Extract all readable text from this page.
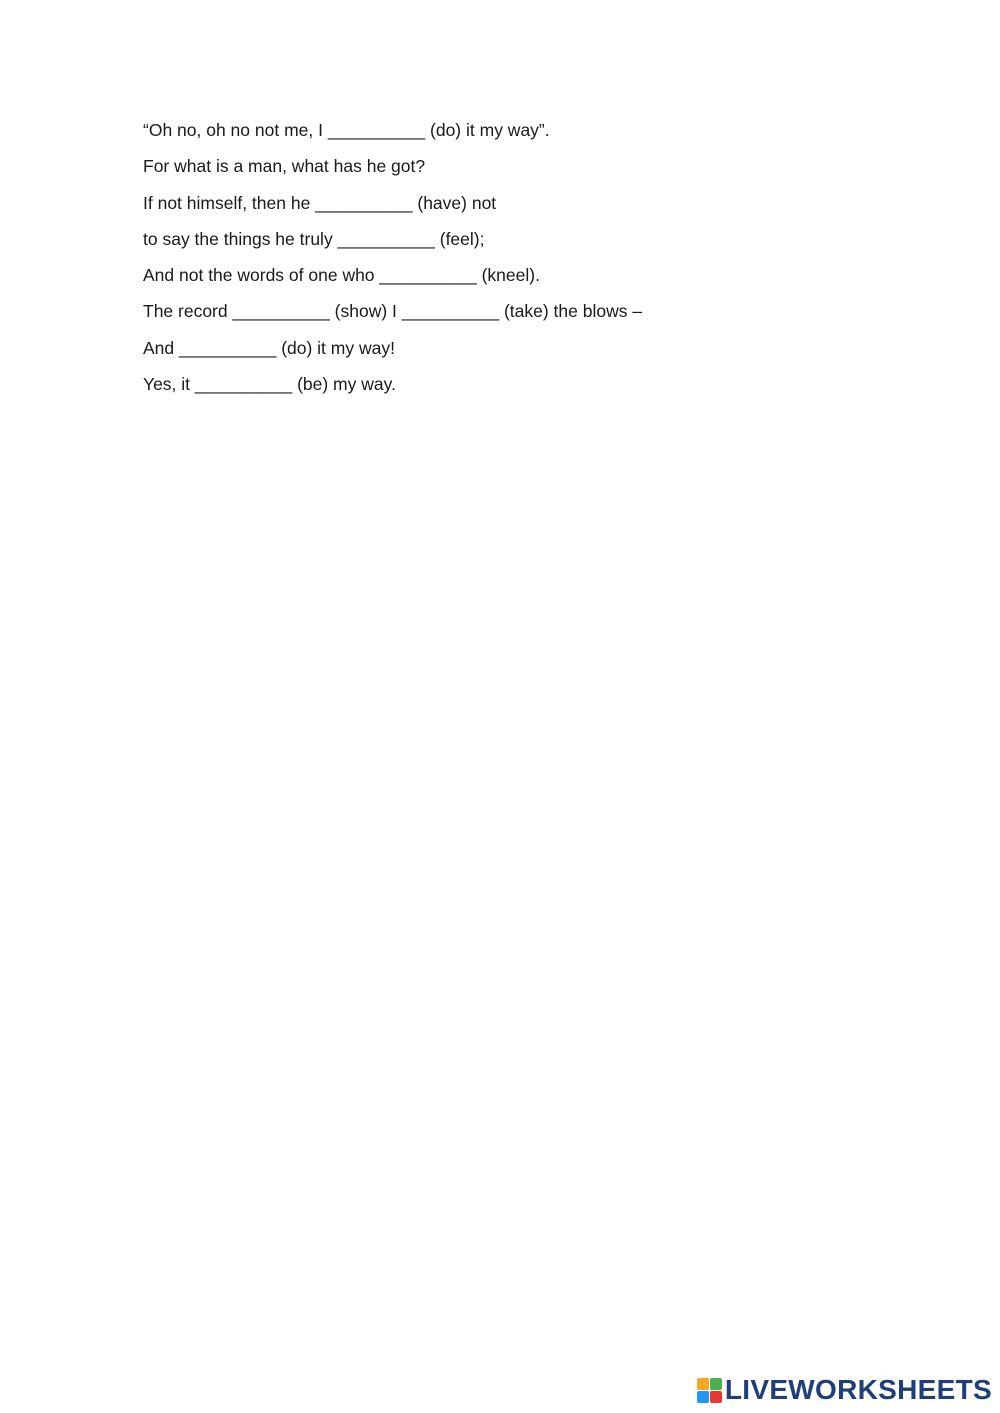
“Oh no, oh no not me, I __________ (do) it my way”.
For what is a man, what has he got?
If not himself, then he __________ (have) not
to say the things he truly __________ (feel);
And not the words of one who __________ (kneel).
The record __________ (show) I __________ (take) the blows –
And __________ (do) it my way!
Yes, it __________ (be) my way.
LIVEWORKSHEETS
